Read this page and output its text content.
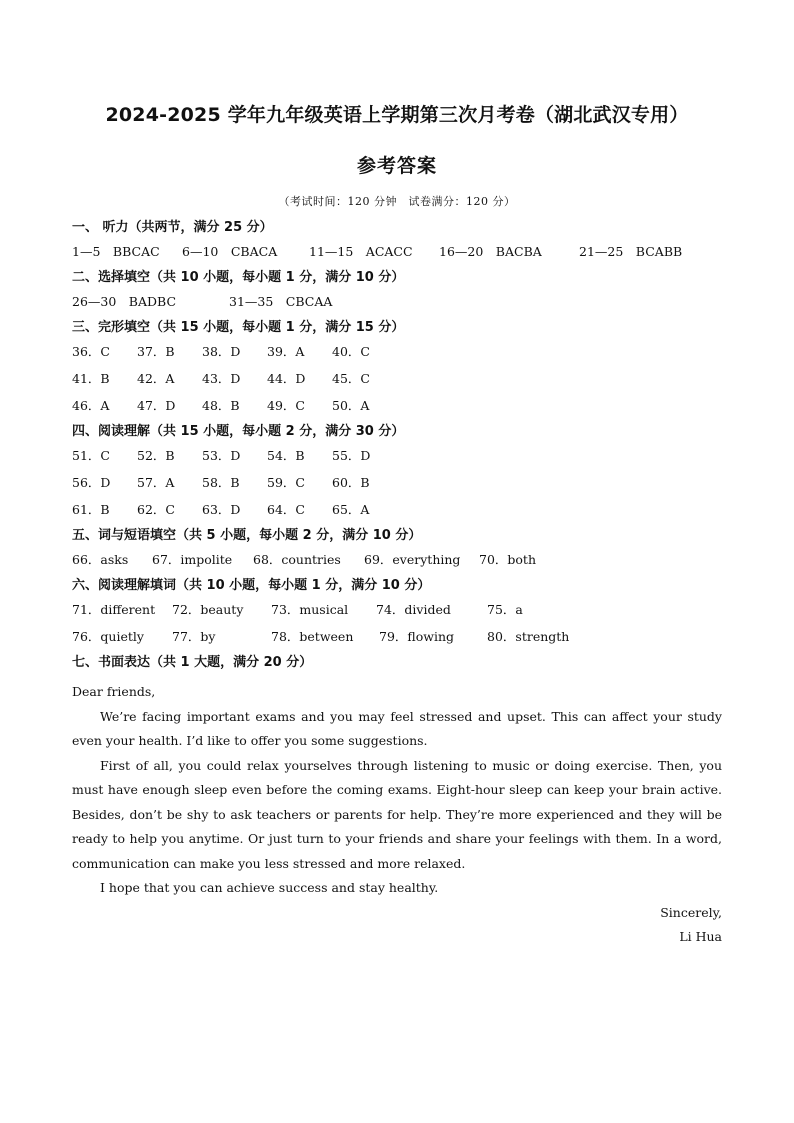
2024-2025 学年九年级英语上学期第三次月考卷（湖北武汉专用）
参考答案
（考试时间：120 分钟　试卷满分：120 分）
一、 听力（共两节，满分 25 分）
1—5　BBCAC	6—10　CBACA	11—15　ACACC	16—20　BACBA	21—25　BCABB
二、选择填空（共 10 小题，每小题 1 分，满分 10 分）
26—30　BADBC	31—35　CBCAA
三、完形填空（共 15 小题，每小题 1 分，满分 15 分）
36．C	37．B	38．D	39．A	40．C
41．B	42．A	43．D	44．D	45．C
46．A	47．D	48．B	49．C	50．A
四、阅读理解（共 15 小题，每小题 2 分，满分 30 分）
51．C	52．B	53．D	54．B	55．D
56．D	57．A	58．B	59．C	60．B
61．B	62．C	63．D	64．C	65．A
五、词与短语填空（共 5 小题，每小题 2 分，满分 10 分）
66．asks	67．impolite	68．countries	69．everything	70．both
六、阅读理解填词（共 10 小题，每小题 1 分，满分 10 分）
71．different	72．beauty	73．musical	74．divided	75．a
76．quietly	77．by	78．between	79．flowing	80．strength
七、书面表达（共 1 大题，满分 20 分）
Dear friends,
We’re facing important exams and you may feel stressed and upset. This can affect your study even your health. I’d like to offer you some suggestions.
First of all, you could relax yourselves through listening to music or doing exercise. Then, you must have enough sleep even before the coming exams. Eight-hour sleep can keep your brain active. Besides, don’t be shy to ask teachers or parents for help. They’re more experienced and they will be ready to help you anytime. Or just turn to your friends and share your feelings with them. In a word, communication can make you less stressed and more relaxed.
I hope that you can achieve success and stay healthy.
Sincerely,
Li Hua
